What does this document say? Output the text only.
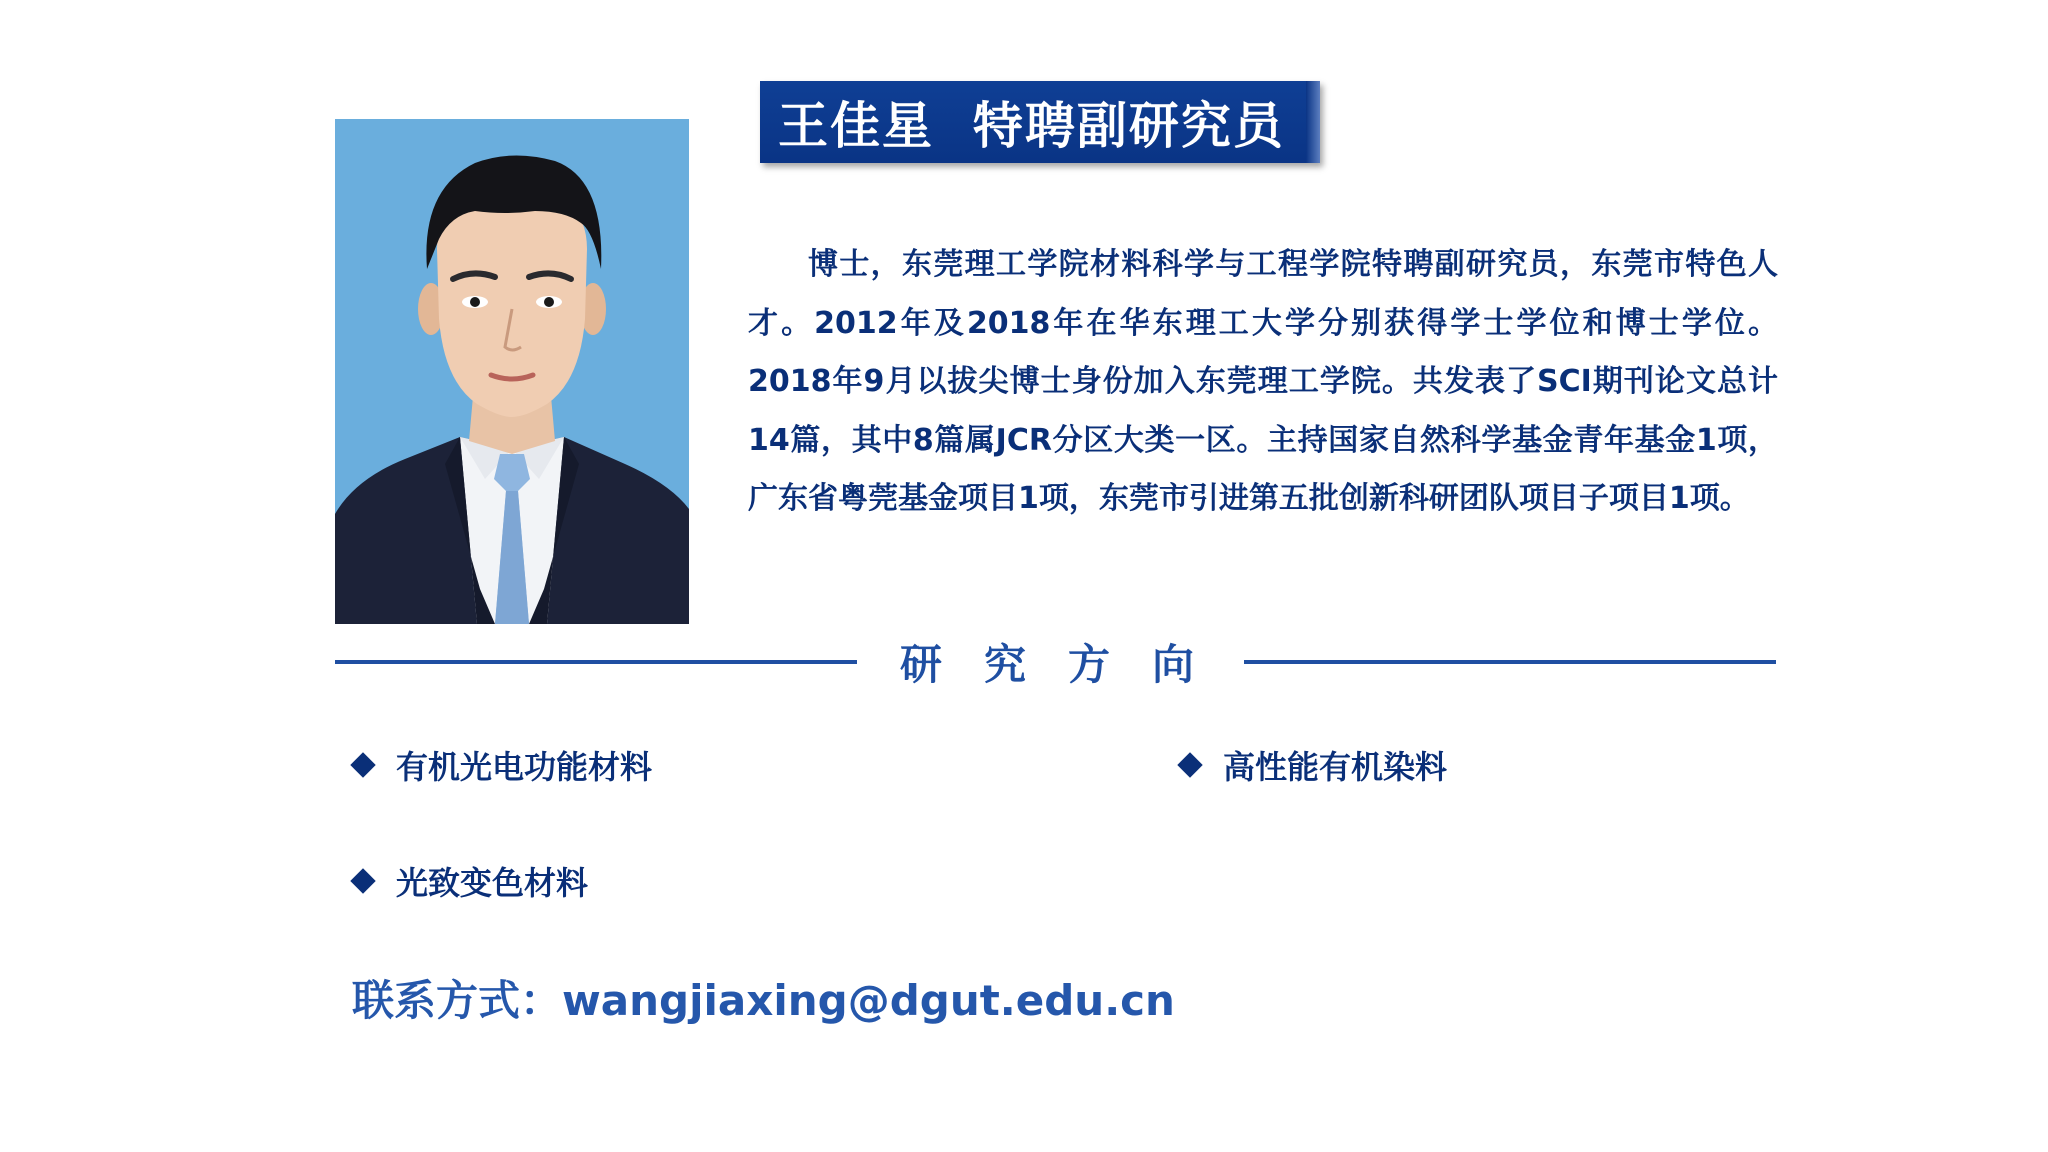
王佳星  特聘副研究员
博士，东莞理工学院材料科学与工程学院特聘副研究员，东莞市特色人才。2012年及2018年在华东理工大学分别获得学士学位和博士学位。2018年9月以拔尖博士身份加入东莞理工学院。共发表了SCI期刊论文总计14篇，其中8篇属JCR分区大类一区。主持国家自然科学基金青年基金1项，广东省粤莞基金项目1项，东莞市引进第五批创新科研团队项目子项目1项。
研究方向
有机光电功能材料	高性能有机染料
光致变色材料
联系方式：wangjiaxing@dgut.edu.cn
